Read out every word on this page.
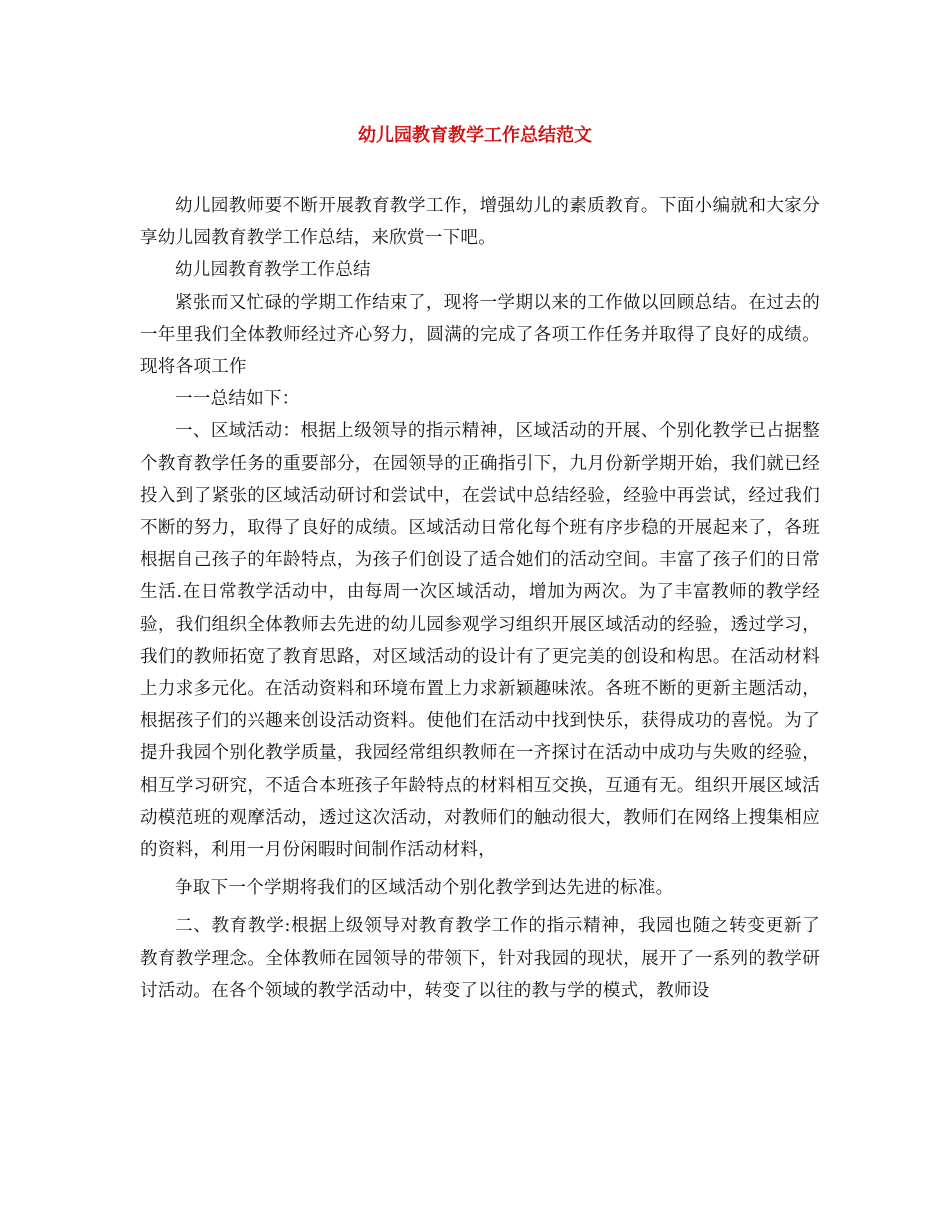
幼儿园教育教学工作总结范文

幼儿园教师要不断开展教育教学工作，增强幼儿的素质教育。下面小编就和大家分享幼儿园教育教学工作总结，来欣赏一下吧。

幼儿园教育教学工作总结

紧张而又忙碌的学期工作结束了，现将一学期以来的工作做以回顾总结。在过去的一年里我们全体教师经过齐心努力，圆满的完成了各项工作任务并取得了良好的成绩。现将各项工作

一一总结如下：

一、区域活动：根据上级领导的指示精神，区域活动的开展、个别化教学已占据整个教育教学任务的重要部分，在园领导的正确指引下，九月份新学期开始，我们就已经投入到了紧张的区域活动研讨和尝试中，在尝试中总结经验，经验中再尝试，经过我们不断的努力，取得了良好的成绩。区域活动日常化每个班有序步稳的开展起来了，各班根据自己孩子的年龄特点，为孩子们创设了适合她们的活动空间。丰富了孩子们的日常生活.在日常教学活动中，由每周一次区域活动，增加为两次。为了丰富教师的教学经验，我们组织全体教师去先进的幼儿园参观学习组织开展区域活动的经验，透过学习，我们的教师拓宽了教育思路，对区域活动的设计有了更完美的创设和构思。在活动材料上力求多元化。在活动资料和环境布置上力求新颖趣味浓。各班不断的更新主题活动，根据孩子们的兴趣来创设活动资料。使他们在活动中找到快乐，获得成功的喜悦。为了提升我园个别化教学质量，我园经常组织教师在一齐探讨在活动中成功与失败的经验，相互学习研究，不适合本班孩子年龄特点的材料相互交换，互通有无。组织开展区域活动模范班的观摩活动，透过这次活动，对教师们的触动很大，教师们在网络上搜集相应的资料，利用一月份闲暇时间制作活动材料，

争取下一个学期将我们的区域活动个别化教学到达先进的标准。

二、教育教学:根据上级领导对教育教学工作的指示精神，我园也随之转变更新了教育教学理念。全体教师在园领导的带领下，针对我园的现状，展开了一系列的教学研讨活动。在各个领域的教学活动中，转变了以往的教与学的模式，教师设
